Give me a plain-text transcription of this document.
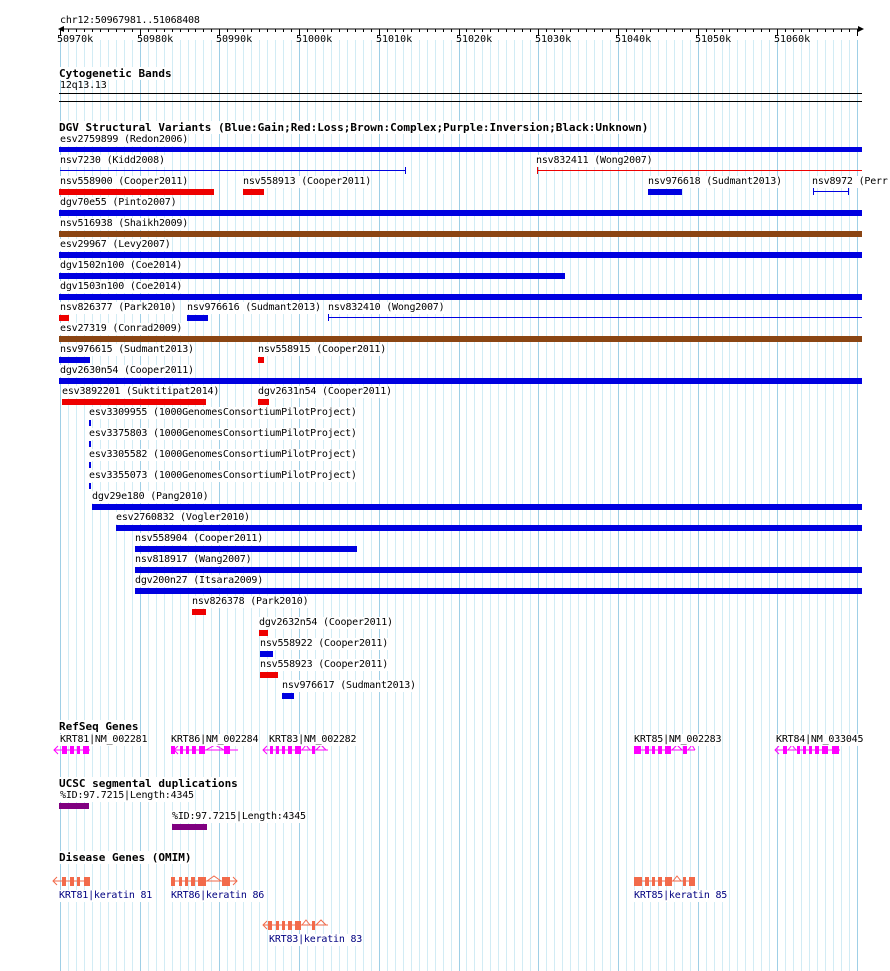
chr12:50967981..51068408
50970k	50980k	50990k	51000k	51010k	51020k	51030k	51040k	51050k	51060k
Cytogenetic Bands
12q13.13
DGV Structural Variants (Blue:Gain;Red:Loss;Brown:Complex;Purple:Inversion;Black:Unknown)
esv2759899 (Redon2006)
nsv7230 (Kidd2008)	nsv832411 (Wong2007)
nsv558900 (Cooper2011)	nsv558913 (Cooper2011)	nsv976618 (Sudmant2013)	nsv8972 (Perr
dgv70e55 (Pinto2007)
nsv516938 (Shaikh2009)
esv29967 (Levy2007)
dgv1502n100 (Coe2014)
dgv1503n100 (Coe2014)
nsv826377 (Park2010) nsv976616 (Sudmant2013) nsv832410 (Wong2007)
esv27319 (Conrad2009)
nsv976615 (Sudmant2013)	nsv558915 (Cooper2011)
dgv2630n54 (Cooper2011)
esv3892201 (Suktitipat2014)	dgv2631n54 (Cooper2011)
esv3309955 (1000GenomesConsortiumPilotProject)
esv3375803 (1000GenomesConsortiumPilotProject)
esv3305582 (1000GenomesConsortiumPilotProject)
esv3355073 (1000GenomesConsortiumPilotProject)
dgv29e180 (Pang2010)
esv2760832 (Vogler2010)
nsv558904 (Cooper2011)
nsv818917 (Wang2007)
dgv200n27 (Itsara2009)
nsv826378 (Park2010)
dgv2632n54 (Cooper2011)
nsv558922 (Cooper2011)
nsv558923 (Cooper2011)
nsv976617 (Sudmant2013)
RefSeq Genes
KRT81|NM_002281 KRT86|NM_002284 KRT83|NM_002282	KRT85|NM_002283	KRT84|NM_033045
UCSC segmental duplications
%ID:97.7215|Length:4345
%ID:97.7215|Length:4345
Disease Genes (OMIM)
KRT81|keratin 81 KRT86|keratin 86	KRT85|keratin 85
KRT83|keratin 83
